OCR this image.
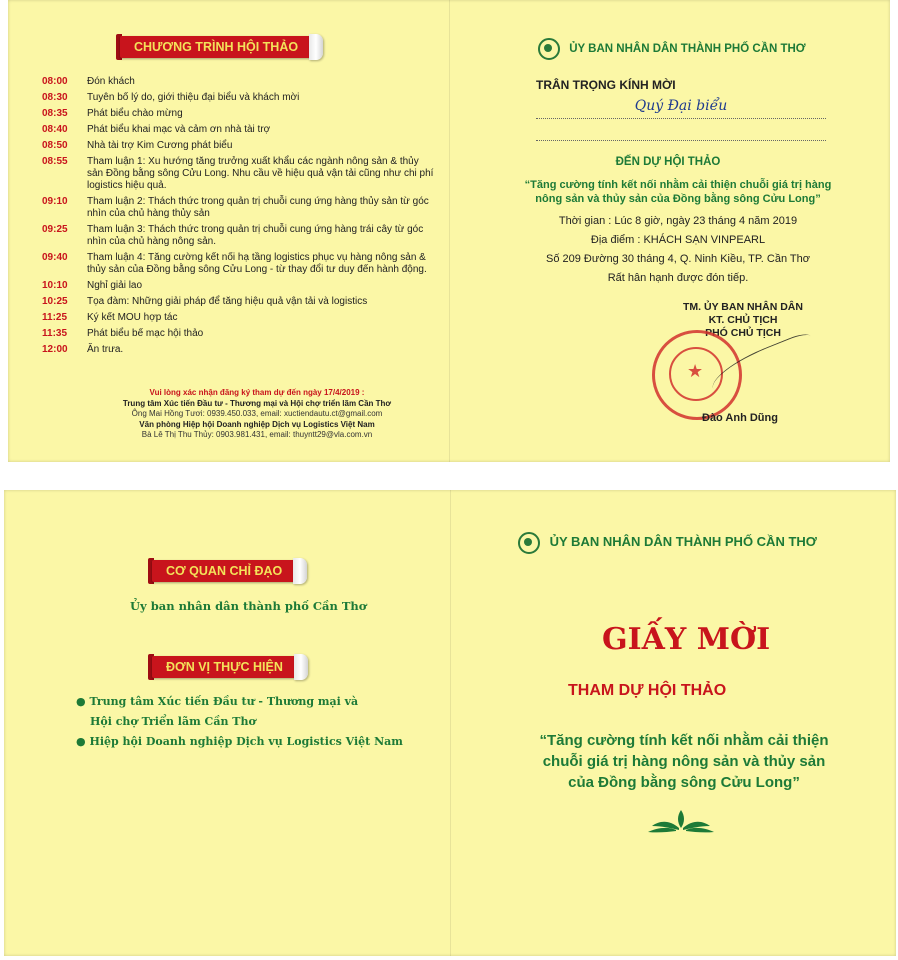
CHƯƠNG TRÌNH HỘI THẢO
08:00	Đón khách
08:30	Tuyên bố lý do, giới thiệu đại biểu và khách mời
08:35	Phát biểu chào mừng
08:40	Phát biểu khai mạc và cảm ơn nhà tài trợ
08:50	Nhà tài trợ Kim Cương phát biểu
08:55	Tham luận 1: Xu hướng tăng trưởng xuất khẩu các ngành nông sản & thủy sản Đồng bằng sông Cửu Long. Nhu cầu về hiệu quả vận tải cũng như chi phí logistics hiệu quả.
09:10	Tham luận 2: Thách thức trong quản trị chuỗi cung ứng hàng thủy sản từ góc nhìn của chủ hàng thủy sản
09:25	Tham luận 3: Thách thức trong quản trị chuỗi cung ứng hàng trái cây từ góc nhìn của chủ hàng nông sản.
09:40	Tham luận 4: Tăng cường kết nối hạ tầng logistics phục vụ hàng nông sản & thủy sản của Đồng bằng sông Cửu Long - từ thay đổi tư duy đến hành động.
10:10	Nghỉ giải lao
10:25	Tọa đàm: Những giải pháp để tăng hiệu quả vận tải và logistics
11:25	Ký kết MOU hợp tác
11:35	Phát biểu bế mạc hội thảo
12:00	Ăn trưa.
Vui lòng xác nhận đăng ký tham dự đến ngày 17/4/2019 :
Trung tâm Xúc tiến Đầu tư - Thương mại và Hội chợ triển lãm Cần Thơ
Ông Mai Hồng Tươi: 0939.450.033, email: xuctiendautu.ct@gmail.com
Văn phòng Hiệp hội Doanh nghiệp Dịch vụ Logistics Việt Nam
Bà Lê Thị Thu Thủy: 0903.981.431, email: thuyntt29@vla.com.vn
ỦY BAN NHÂN DÂN THÀNH PHỐ CẦN THƠ
TRÂN TRỌNG KÍNH MỜI
Quý Đại biểu
ĐẾN DỰ HỘI THẢO
“Tăng cường tính kết nối nhằm cải thiện chuỗi giá trị hàng
nông sản và thủy sản của Đồng bằng sông Cửu Long”
Thời gian : Lúc 8 giờ, ngày 23 tháng 4 năm 2019
Địa điểm : KHÁCH SẠN VINPEARL
Số 209 Đường 30 tháng 4, Q. Ninh Kiều, TP. Cần Thơ
Rất hân hạnh được đón tiếp.
TM. ỦY BAN NHÂN DÂN
KT. CHỦ TỊCH
PHÓ CHỦ TỊCH
★
Đào Anh Dũng
CƠ QUAN CHỈ ĐẠO
Ủy ban nhân dân thành phố Cần Thơ
ĐƠN VỊ THỰC HIỆN
● Trung tâm Xúc tiến Đầu tư - Thương mại và
Hội chợ Triển lãm Cần Thơ
● Hiệp hội Doanh nghiệp Dịch vụ Logistics Việt Nam
ỦY BAN NHÂN DÂN THÀNH PHỐ CẦN THƠ
GIẤY MỜI
THAM DỰ HỘI THẢO
“Tăng cường tính kết nối nhằm cải thiện
chuỗi giá trị hàng nông sản và thủy sản
của Đồng bằng sông Cửu Long”
